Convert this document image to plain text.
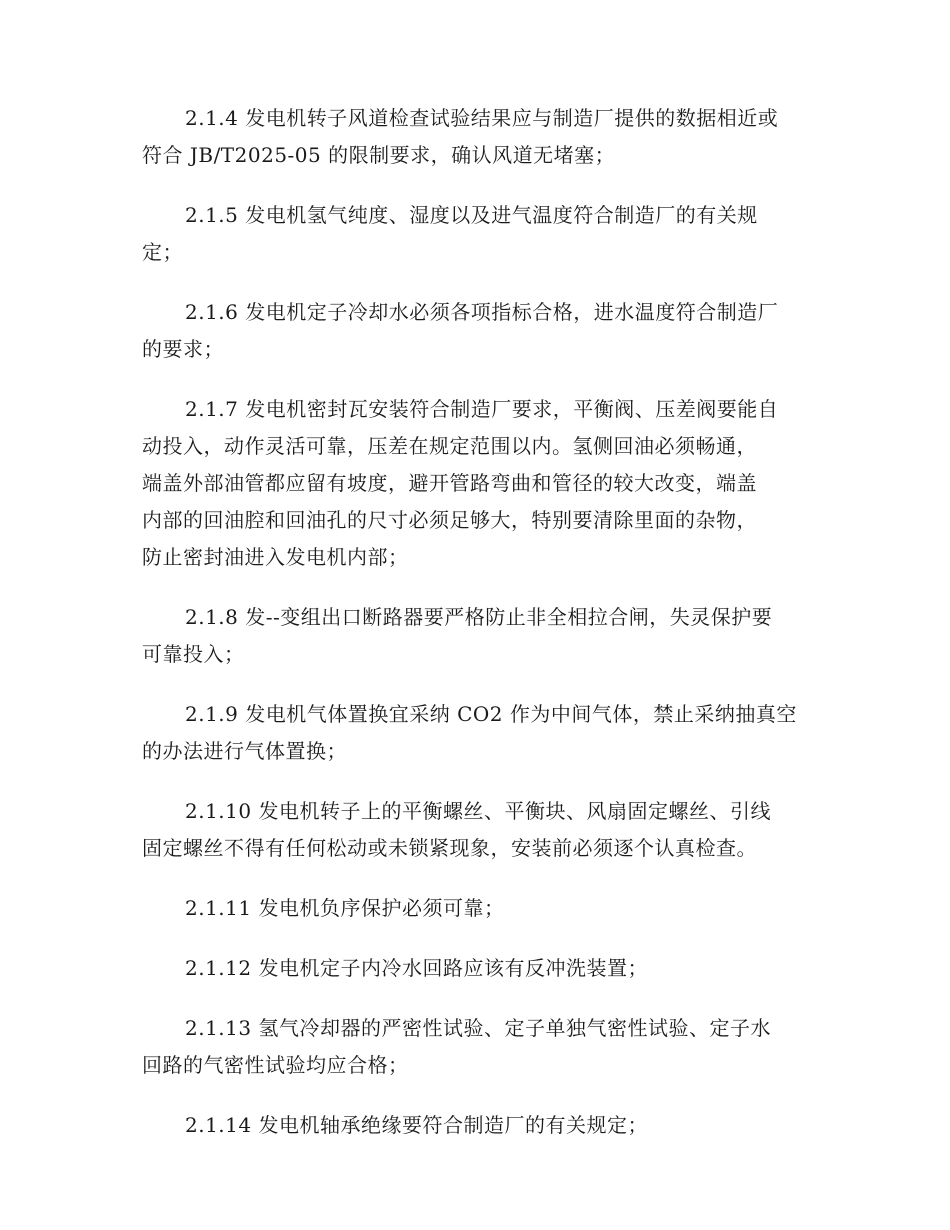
2.1.4 发电机转子风道检查试验结果应与制造厂提供的数据相近或
符合 JB/T2025-05 的限制要求，确认风道无堵塞；

2.1.5 发电机氢气纯度、湿度以及进气温度符合制造厂的有关规
定；

2.1.6 发电机定子冷却水必须各项指标合格，进水温度符合制造厂
的要求；

2.1.7 发电机密封瓦安装符合制造厂要求，平衡阀、压差阀要能自
动投入，动作灵活可靠，压差在规定范围以内。氢侧回油必须畅通，
端盖外部油管都应留有坡度，避开管路弯曲和管径的较大改变，端盖
内部的回油腔和回油孔的尺寸必须足够大，特别要清除里面的杂物，
防止密封油进入发电机内部；

2.1.8 发--变组出口断路器要严格防止非全相拉合闸，失灵保护要
可靠投入；

2.1.9 发电机气体置换宜采纳 CO2 作为中间气体，禁止采纳抽真空
的办法进行气体置换；

2.1.10 发电机转子上的平衡螺丝、平衡块、风扇固定螺丝、引线
固定螺丝不得有任何松动或未锁紧现象，安装前必须逐个认真检查。

2.1.11 发电机负序保护必须可靠；

2.1.12 发电机定子内冷水回路应该有反冲洗装置；

2.1.13 氢气冷却器的严密性试验、定子单独气密性试验、定子水
回路的气密性试验均应合格；

2.1.14 发电机轴承绝缘要符合制造厂的有关规定；
